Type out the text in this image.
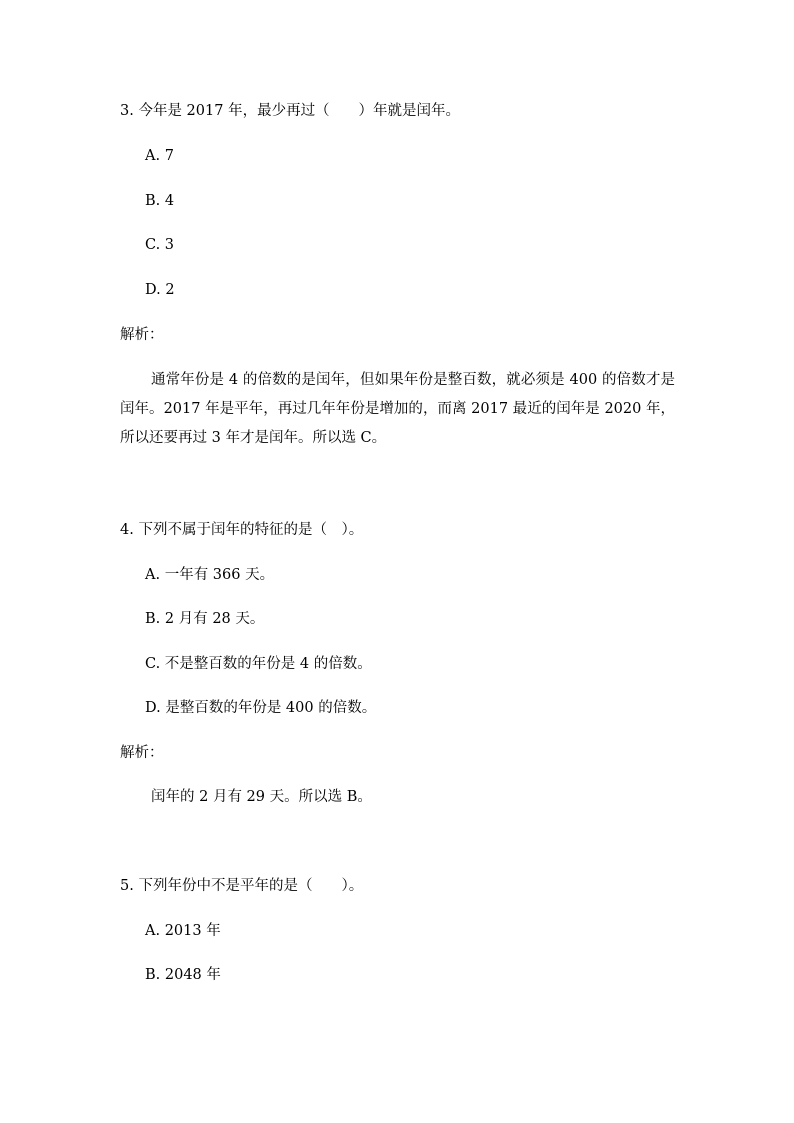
3. 今年是 2017 年，最少再过（　　）年就是闰年。
A. 7
B. 4
C. 3
D. 2
解析：
通常年份是 4 的倍数的是闰年，但如果年份是整百数，就必须是 400 的倍数才是闰年。2017 年是平年，再过几年年份是增加的，而离 2017 最近的闰年是 2020 年，所以还要再过 3 年才是闰年。所以选 C。
4. 下列不属于闰年的特征的是（　）。
A. 一年有 366 天。
B. 2 月有 28 天。
C. 不是整百数的年份是 4 的倍数。
D. 是整百数的年份是 400 的倍数。
解析：
闰年的 2 月有 29 天。所以选 B。
5. 下列年份中不是平年的是（　　）。
A. 2013 年
B. 2048 年
